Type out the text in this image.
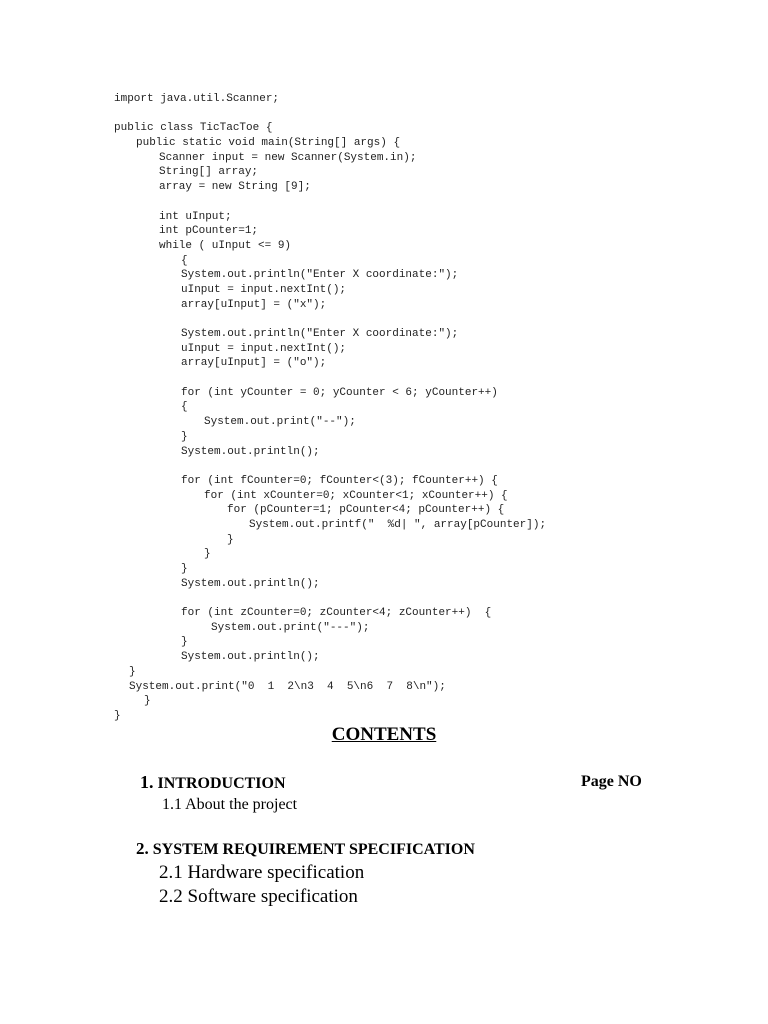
import java.util.Scanner;
public class TicTacToe {
public static void main(String[] args) {
Scanner input = new Scanner(System.in);
String[] array;
array = new String [9];
int uInput;
int pCounter=1;
while ( uInput <= 9)
{
System.out.println("Enter X coordinate:");
uInput = input.nextInt();
array[uInput] = ("x");
System.out.println("Enter X coordinate:");
uInput = input.nextInt();
array[uInput] = ("o");
for (int yCounter = 0; yCounter < 6; yCounter++)
{
System.out.print("--");
}
System.out.println();
for (int fCounter=0; fCounter<(3); fCounter++) {
for (int xCounter=0; xCounter<1; xCounter++) {
for (pCounter=1; pCounter<4; pCounter++) {
System.out.printf("  %d| ", array[pCounter]);
}
}
}
System.out.println();
for (int zCounter=0; zCounter<4; zCounter++)  {
System.out.print("---");
}
System.out.println();
}
System.out.print("0  1  2\n3  4  5\n6  7  8\n");
}
}
CONTENTS
1. INTRODUCTION	Page NO
1.1 About the project
2. SYSTEM REQUIREMENT SPECIFICATION
2.1 Hardware specification
2.2 Software specification
